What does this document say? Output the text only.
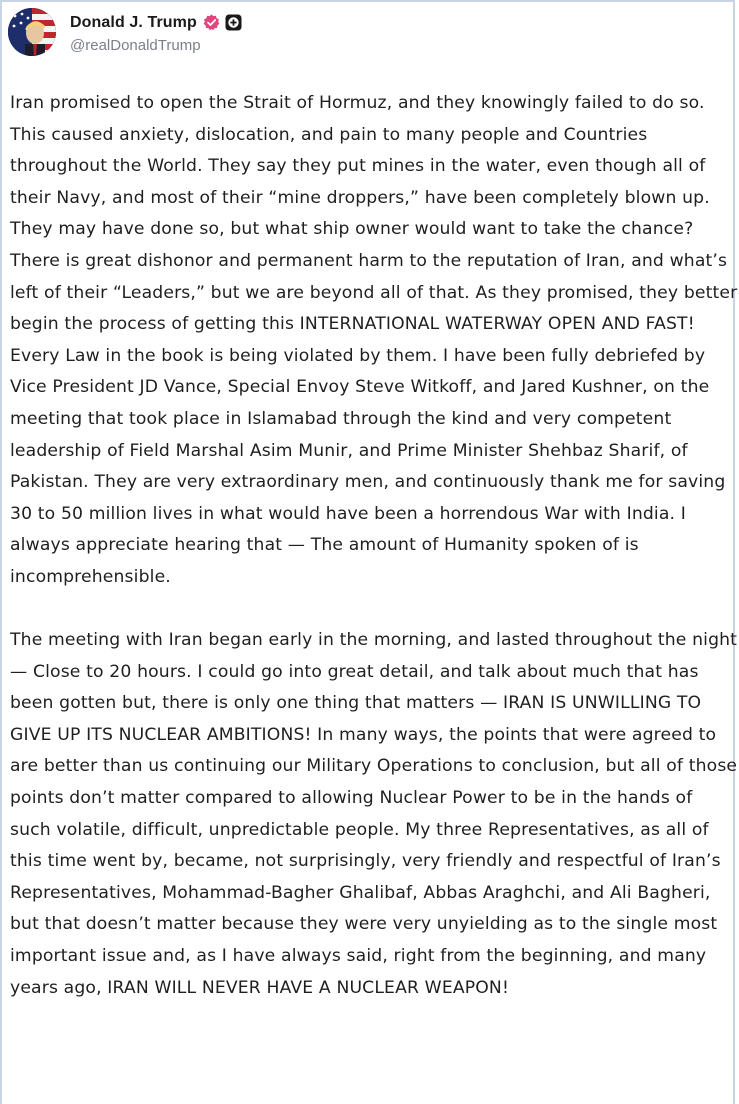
Donald J. Trump
@realDonaldTrump

Iran promised to open the Strait of Hormuz, and they knowingly failed to do so. This caused anxiety, dislocation, and pain to many people and Countries throughout the World. They say they put mines in the water, even though all of their Navy, and most of their “mine droppers,” have been completely blown up. They may have done so, but what ship owner would want to take the chance? There is great dishonor and permanent harm to the reputation of Iran, and what’s left of their “Leaders,” but we are beyond all of that. As they promised, they better begin the process of getting this INTERNATIONAL WATERWAY OPEN AND FAST! Every Law in the book is being violated by them. I have been fully debriefed by Vice President JD Vance, Special Envoy Steve Witkoff, and Jared Kushner, on the meeting that took place in Islamabad through the kind and very competent leadership of Field Marshal Asim Munir, and Prime Minister Shehbaz Sharif, of Pakistan. They are very extraordinary men, and continuously thank me for saving 30 to 50 million lives in what would have been a horrendous War with India. I always appreciate hearing that — The amount of Humanity spoken of is incomprehensible.

The meeting with Iran began early in the morning, and lasted throughout the night — Close to 20 hours. I could go into great detail, and talk about much that has been gotten but, there is only one thing that matters — IRAN IS UNWILLING TO GIVE UP ITS NUCLEAR AMBITIONS! In many ways, the points that were agreed to are better than us continuing our Military Operations to conclusion, but all of those points don’t matter compared to allowing Nuclear Power to be in the hands of such volatile, difficult, unpredictable people. My three Representatives, as all of this time went by, became, not surprisingly, very friendly and respectful of Iran’s Representatives, Mohammad-Bagher Ghalibaf, Abbas Araghchi, and Ali Bagheri, but that doesn’t matter because they were very unyielding as to the single most important issue and, as I have always said, right from the beginning, and many years ago, IRAN WILL NEVER HAVE A NUCLEAR WEAPON!
